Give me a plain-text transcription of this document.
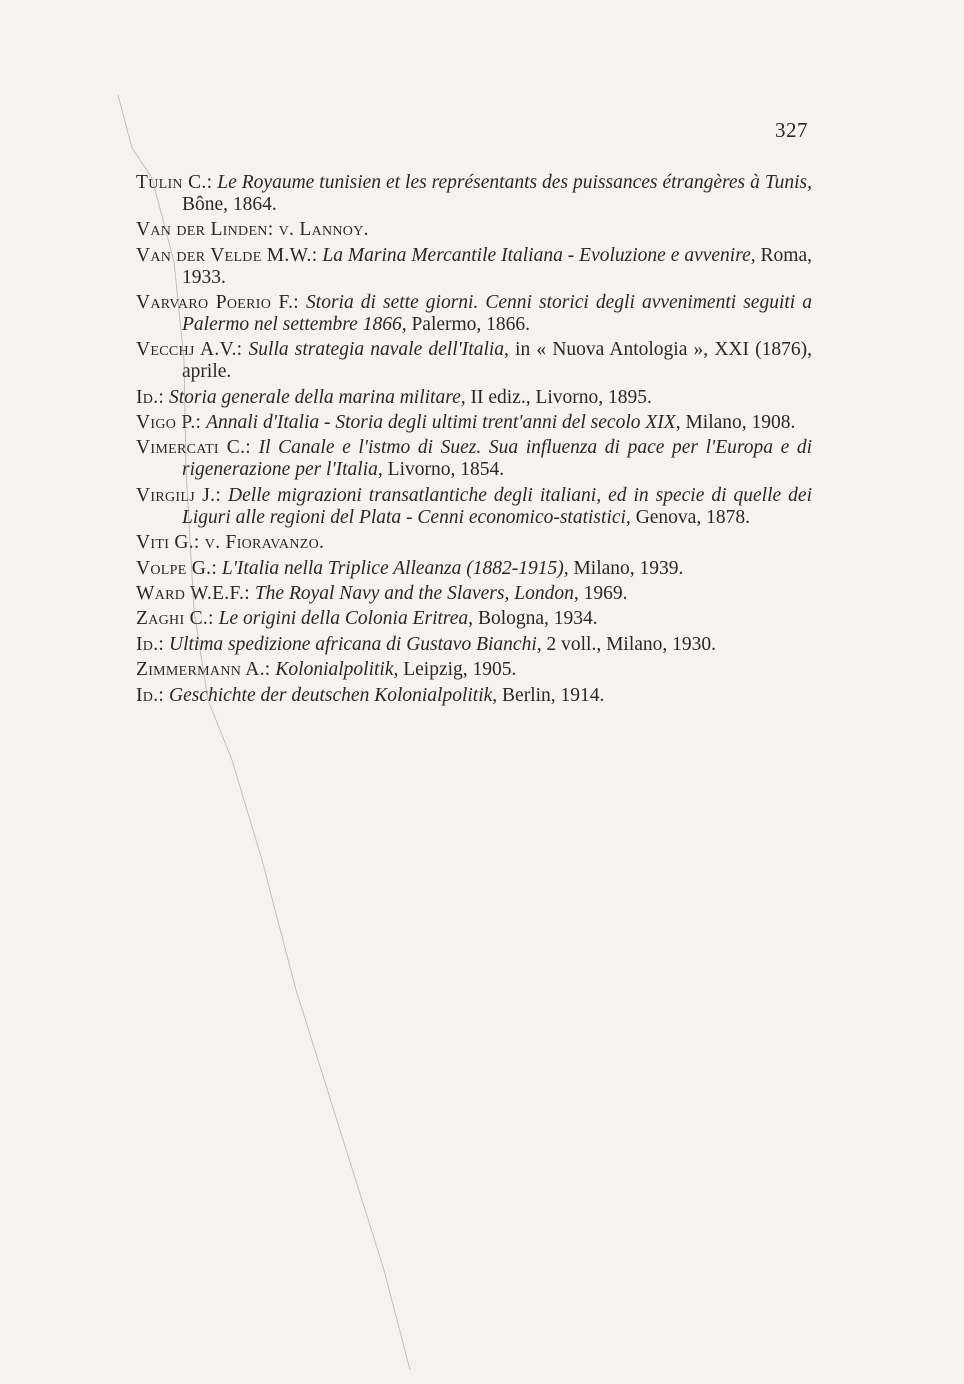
327

Tulin C.: Le Royaume tunisien et les représentants des puissances étrangères à Tunis, Bône, 1864.

Van der Linden: v. Lannoy.

Van der Velde M.W.: La Marina Mercantile Italiana - Evoluzione e avvenire, Roma, 1933.

Varvaro Poerio F.: Storia di sette giorni. Cenni storici degli avvenimenti seguiti a Palermo nel settembre 1866, Palermo, 1866.

Vecchj A.V.: Sulla strategia navale dell'Italia, in « Nuova Antologia », XXI (1876), aprile.

Id.: Storia generale della marina militare, II ediz., Livorno, 1895.

Vigo P.: Annali d'Italia - Storia degli ultimi trent'anni del secolo XIX, Milano, 1908.

Vimercati C.: Il Canale e l'istmo di Suez. Sua influenza di pace per l'Europa e di rigenerazione per l'Italia, Livorno, 1854.

Virgilj J.: Delle migrazioni transatlantiche degli italiani, ed in specie di quelle dei Liguri alle regioni del Plata - Cenni economico-statistici, Genova, 1878.

Viti G.: v. Fioravanzo.

Volpe G.: L'Italia nella Triplice Alleanza (1882-1915), Milano, 1939.

Ward W.E.F.: The Royal Navy and the Slavers, London, 1969.

Zaghi C.: Le origini della Colonia Eritrea, Bologna, 1934.

Id.: Ultima spedizione africana di Gustavo Bianchi, 2 voll., Milano, 1930.

Zimmermann A.: Kolonialpolitik, Leipzig, 1905.

Id.: Geschichte der deutschen Kolonialpolitik, Berlin, 1914.
